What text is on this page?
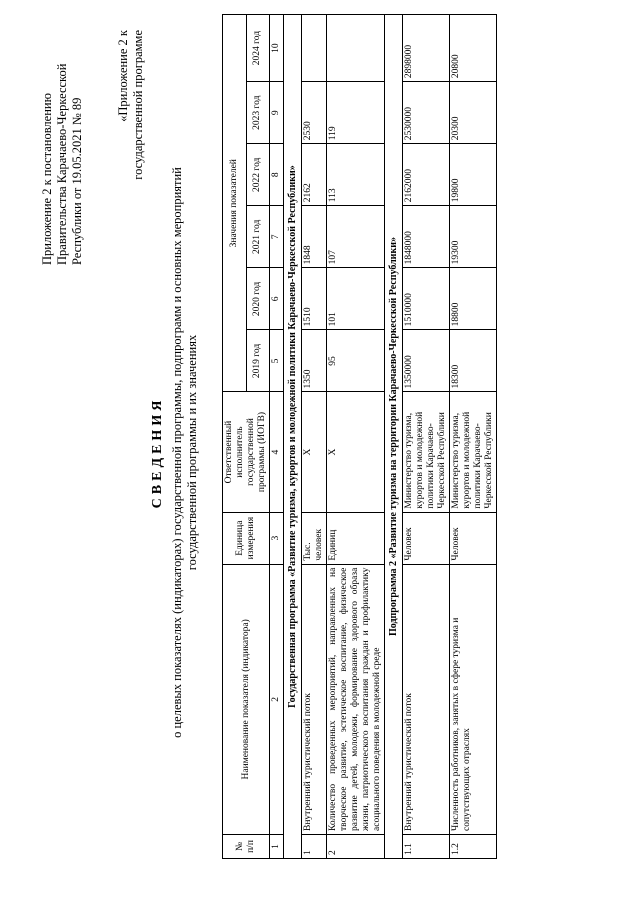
Приложение 2 к постановлению Правительства Карачаево-Черкесской Республики от 19.05.2021 № 89
«Приложение 2 к государственной программе
СВЕДЕНИЯ о целевых показателях (индикаторах) государственной программы, подпрограмм и основных мероприятий государственной программы и их значениях
№ п/п	Наименование показателя (индикатора)	Единица измерения	Ответственный исполнитель государственной программы (ИОГВ)	Значения показателей					
				2019 год	2020 год	2021 год	2022 год	2023 год	2024 год
1	2	3	4	5	6	7	8	9	10
Государственная программа «Развитие туризма, курортов и молодежной политики Карачаево-Черкесской Республики»									
1	Внутренний туристический поток	Тыс. человек	Х	1350	1510	1848	2162	2530	
2	Количество проведенных мероприятий, направленных на творческое развитие, эстетическое воспитание, физическое развитие детей, молодежи, формирование здорового образа жизни, патриотического воспитания граждан и профилактику асоциального поведения в молодежной среде	Единиц	Х	95	101	107	113	119	
Подпрограмма 2 «Развитие туризма на территории Карачаево-Черкесской Республики»									
1.1	Внутренний туристический поток	Человек	Министерство туризма, курортов и молодежной политики Карачаево-Черкесской Республики	1350000	1510000	1848000	2162000	2530000	2898000
1.2	Численность работников, занятых в сфере туризма и сопутствующих отраслях	Человек	Министерство туризма, курортов и молодежной политики Карачаево-Черкесской Республики	18300	18800	19300	19800	20300	20800
